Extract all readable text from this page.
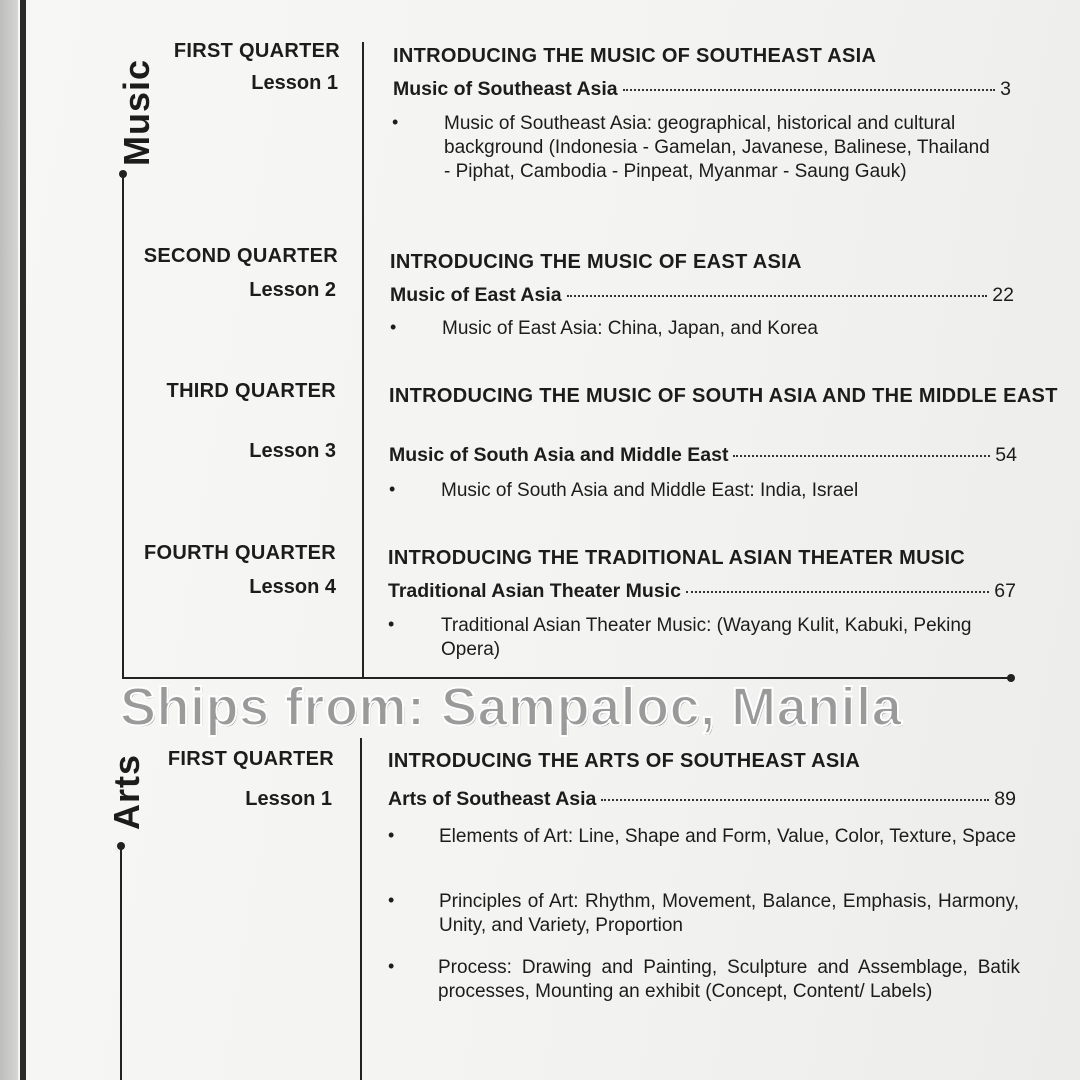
Music
Arts
FIRST QUARTER
Lesson 1
INTRODUCING THE MUSIC OF SOUTHEAST ASIA
Music of Southeast Asia	3
• Music of Southeast Asia: geographical, historical and cultural background (Indonesia - Gamelan, Javanese, Balinese, Thailand - Piphat, Cambodia - Pinpeat, Myanmar - Saung Gauk)
SECOND QUARTER
Lesson 2
INTRODUCING THE MUSIC OF EAST ASIA
Music of East Asia	22
• Music of East Asia: China, Japan, and Korea
THIRD QUARTER
Lesson 3
INTRODUCING THE MUSIC OF SOUTH ASIA AND THE MIDDLE EAST
Music of South Asia and Middle East	54
• Music of South Asia and Middle East: India, Israel
FOURTH QUARTER
Lesson 4
INTRODUCING THE TRADITIONAL ASIAN THEATER MUSIC
Traditional Asian Theater Music	67
• Traditional Asian Theater Music: (Wayang Kulit, Kabuki, Peking Opera)
FIRST QUARTER
Lesson 1
INTRODUCING THE ARTS OF SOUTHEAST ASIA
Arts of Southeast Asia	89
• Elements of Art: Line, Shape and Form, Value, Color, Texture, Space
• Principles of Art: Rhythm, Movement, Balance, Emphasis, Harmony, Unity, and Variety, Proportion
• Process: Drawing and Painting, Sculpture and Assemblage, Batik processes, Mounting an exhibit (Concept, Content/ Labels)
Ships from: Sampaloc, Manila
